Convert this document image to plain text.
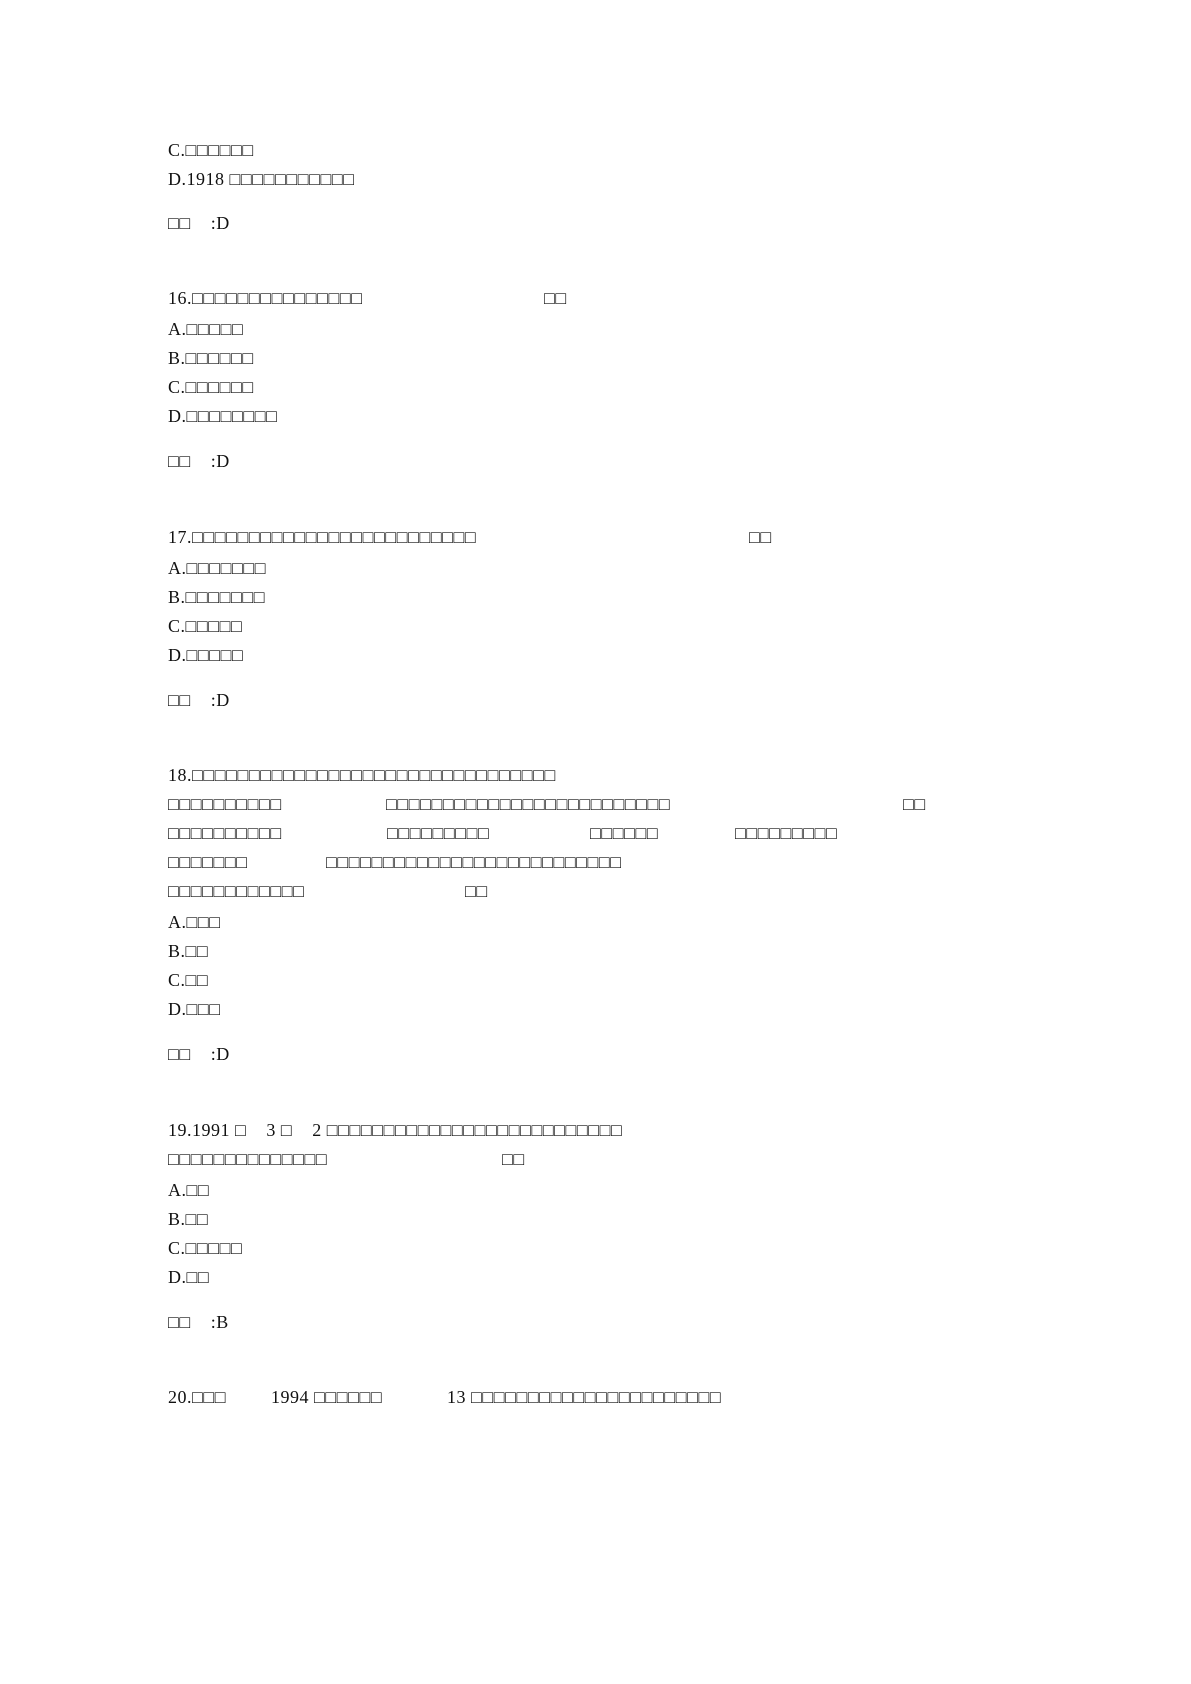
C.□□□□□□
D.1918 □□□□□□□□□□□
□□    :D
16.□□□□□□□□□□□□□□□	□□
A.□□□□□
B.□□□□□□
C.□□□□□□
D.□□□□□□□□
□□    :D
17.□□□□□□□□□□□□□□□□□□□□□□□□□	□□
A.□□□□□□□
B.□□□□□□□
C.□□□□□
D.□□□□□
□□    :D
18.□□□□□□□□□□□□□□□□□□□□□□□□□□□□□□□□
□□□□□□□□□□	□□□□□□□□□□□□□□□□□□□□□□□□□	□□
□□□□□□□□□□	□□□□□□□□□	□□□□□□	□□□□□□□□□
□□□□□□□	□□□□□□□□□□□□□□□□□□□□□□□□□□
□□□□□□□□□□□□	□□
A.□□□
B.□□
C.□□
D.□□□
□□    :D
19.1991 □    3 □    2 □□□□□□□□□□□□□□□□□□□□□□□□□□
□□□□□□□□□□□□□□	□□
A.□□
B.□□
C.□□□□□
D.□□
□□    :B
20.□□□ 1994 □□□□□□	13 □□□□□□□□□□□□□□□□□□□□□□
